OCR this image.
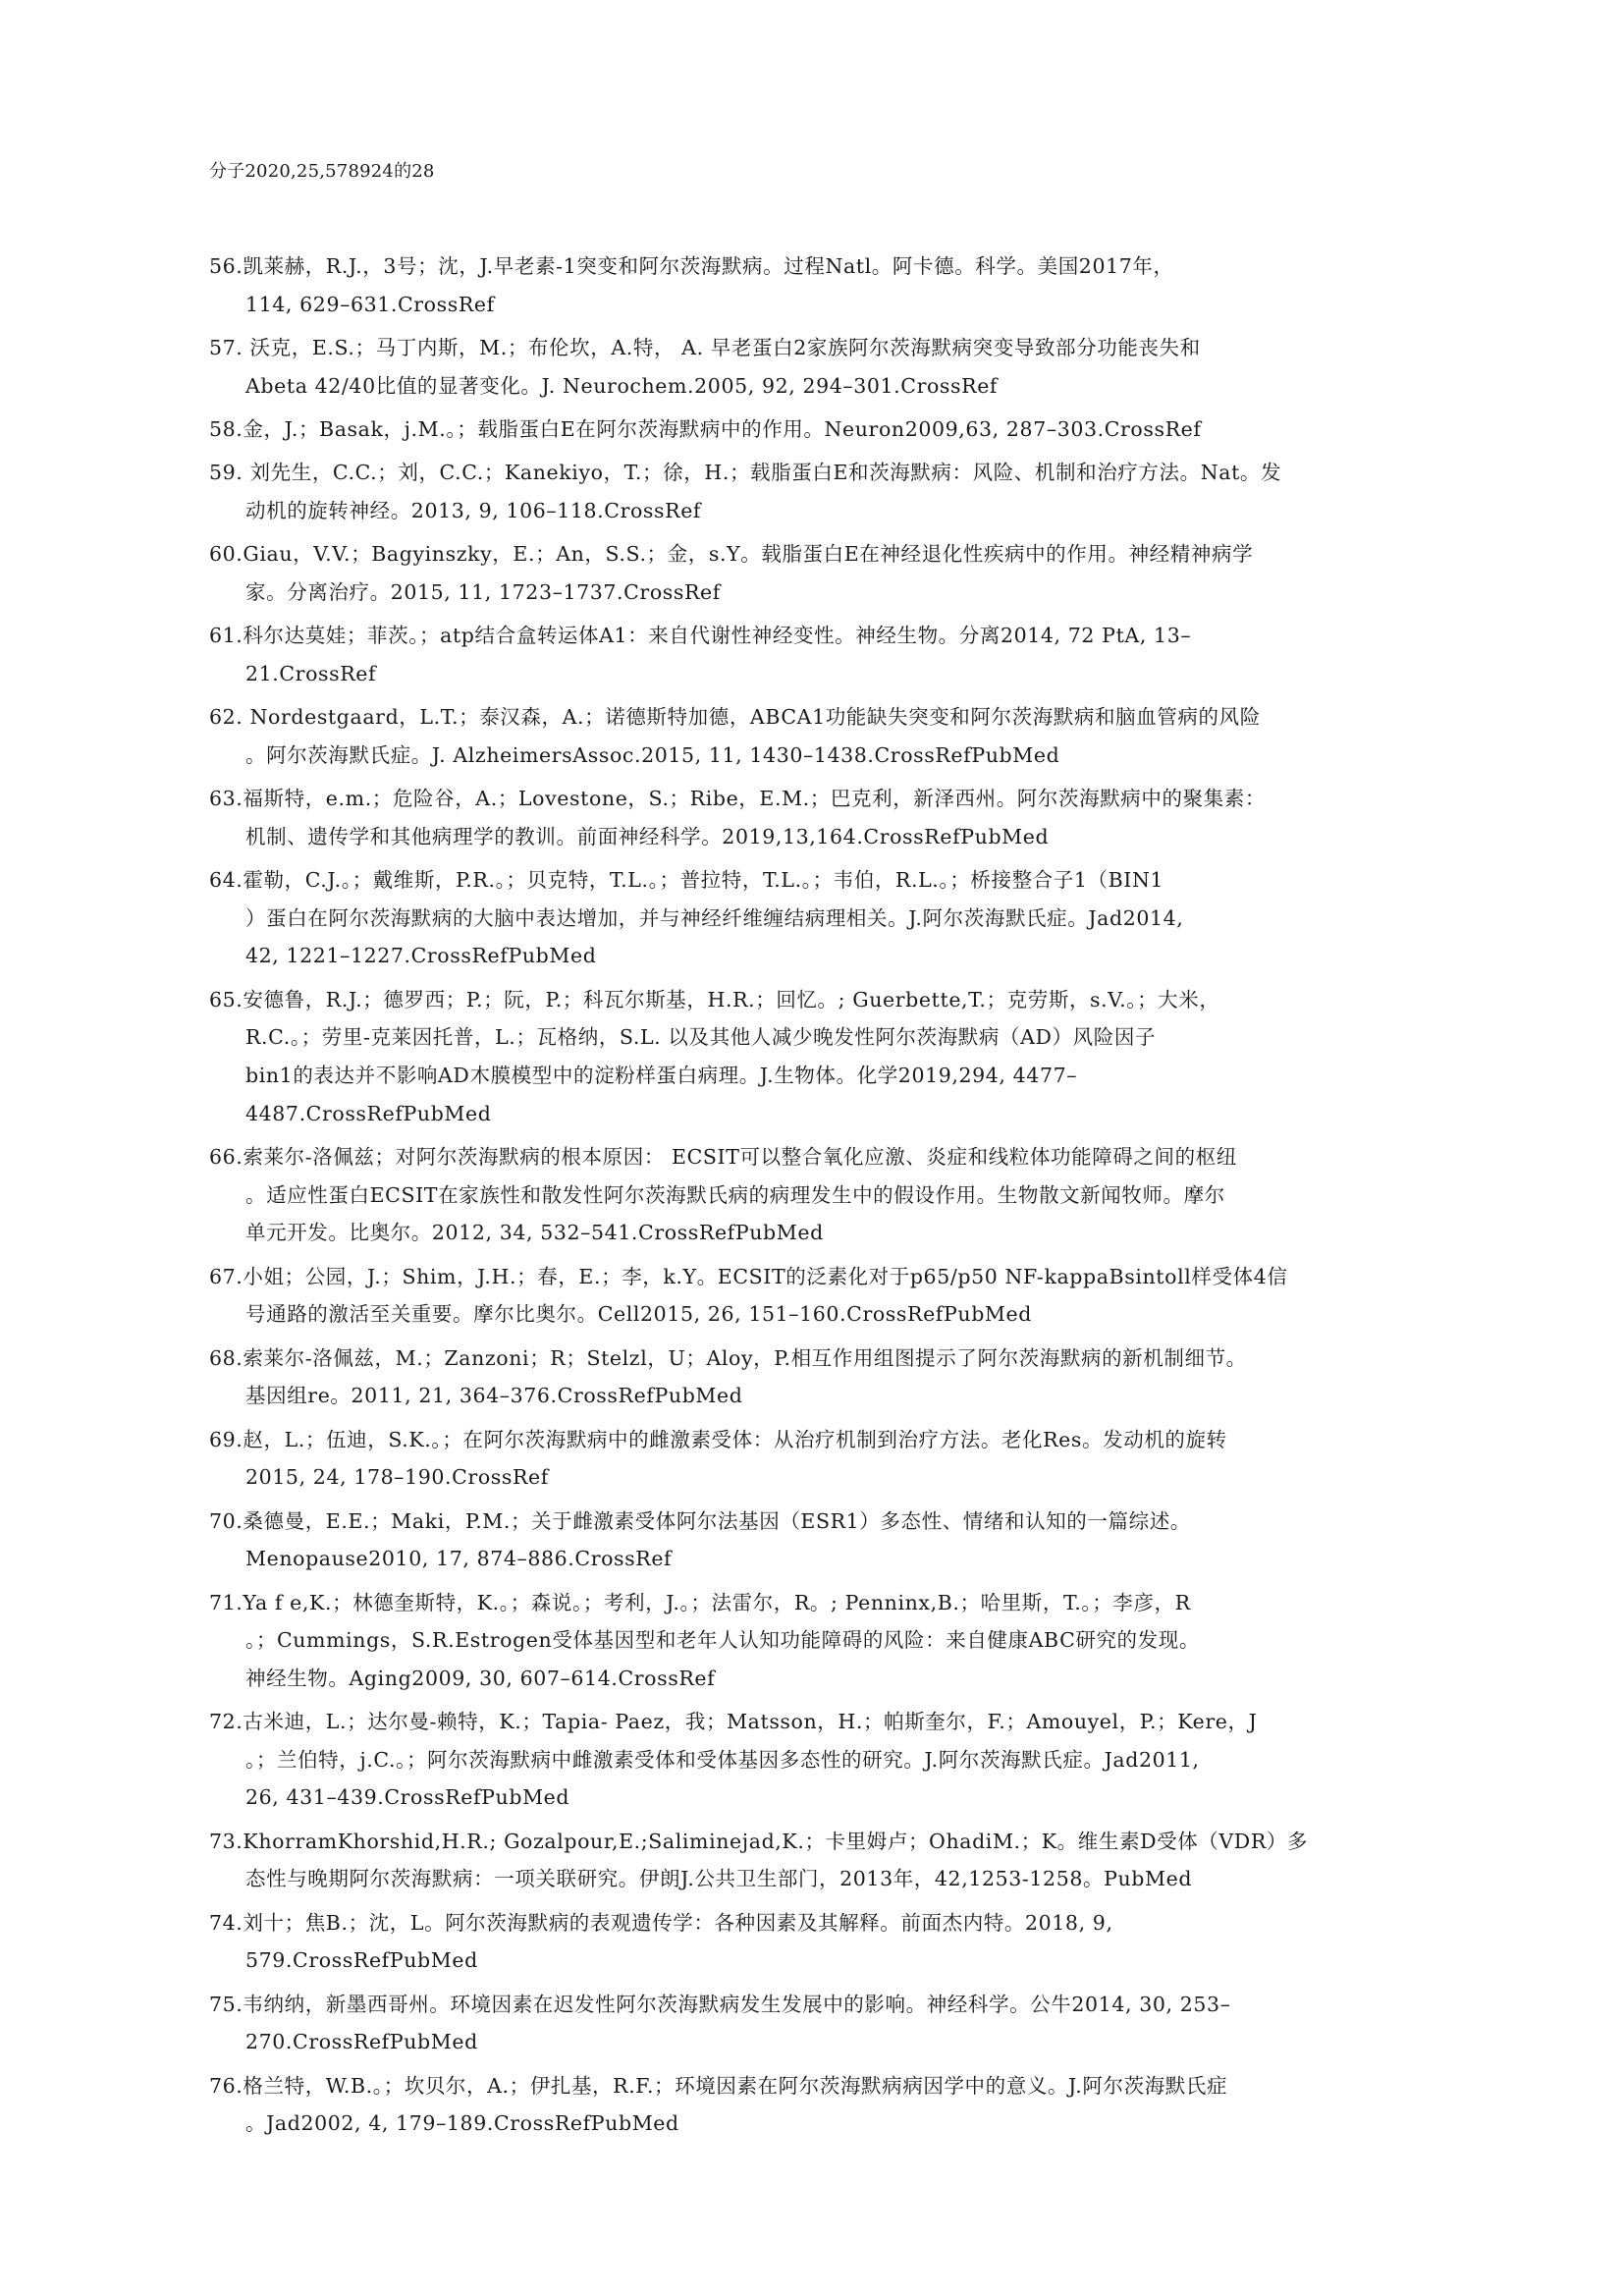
分子2020,25,578924的28
56.凯莱赫，R.J.，3号；沈，J.早老素-1突变和阿尔茨海默病。过程Natl。阿卡德。科学。美国2017年，
114, 629–631.CrossRef
57. 沃克，E.S.；马丁内斯，M.；布伦坎，A.特， A. 早老蛋白2家族阿尔茨海默病突变导致部分功能丧失和
Abeta 42/40比值的显著变化。J. Neurochem.2005, 92, 294–301.CrossRef
58.金，J.；Basak，j.M.。；载脂蛋白E在阿尔茨海默病中的作用。Neuron2009,63, 287–303.CrossRef
59. 刘先生，C.C.；刘，C.C.；Kanekiyo，T.；徐，H.；载脂蛋白E和茨海默病：风险、机制和治疗方法。Nat。发
动机的旋转神经。2013, 9, 106–118.CrossRef
60.Giau，V.V.；Bagyinszky，E.；An，S.S.；金，s.Y。载脂蛋白E在神经退化性疾病中的作用。神经精神病学
家。分离治疗。2015, 11, 1723–1737.CrossRef
61.科尔达莫娃；菲茨。；atp结合盒转运体A1：来自代谢性神经变性。神经生物。分离2014, 72 PtA, 13–
21.CrossRef
62. Nordestgaard，L.T.；泰汉森，A.；诺德斯特加德，ABCA1功能缺失突变和阿尔茨海默病和脑血管病的风险
。阿尔茨海默氏症。J. AlzheimersAssoc.2015, 11, 1430–1438.CrossRefPubMed
63.福斯特，e.m.；危险谷，A.；Lovestone，S.；Ribe，E.M.；巴克利，新泽西州。阿尔茨海默病中的聚集素：
机制、遗传学和其他病理学的教训。前面神经科学。2019,13,164.CrossRefPubMed
64.霍勒，C.J.。；戴维斯，P.R.。；贝克特，T.L.。；普拉特，T.L.。；韦伯，R.L.。；桥接整合子1（BIN1
）蛋白在阿尔茨海默病的大脑中表达增加，并与神经纤维缠结病理相关。J.阿尔茨海默氏症。Jad2014,
42, 1221–1227.CrossRefPubMed
65.安德鲁，R.J.；德罗西；P.；阮，P.；科瓦尔斯基，H.R.；回忆。; Guerbette,T.；克劳斯，s.V.。；大米，
R.C.。；劳里-克莱因托普，L.；瓦格纳，S.L. 以及其他人减少晚发性阿尔茨海默病（AD）风险因子
bin1的表达并不影响AD木膜模型中的淀粉样蛋白病理。J.生物体。化学2019,294, 4477–
4487.CrossRefPubMed
66.索莱尔-洛佩兹；对阿尔茨海默病的根本原因： ECSIT可以整合氧化应激、炎症和线粒体功能障碍之间的枢纽
。适应性蛋白ECSIT在家族性和散发性阿尔茨海默氏病的病理发生中的假设作用。生物散文新闻牧师。摩尔
单元开发。比奥尔。2012, 34, 532–541.CrossRefPubMed
67.小姐；公园，J.；Shim，J.H.；春，E.；李，k.Y。ECSIT的泛素化对于p65/p50 NF-kappaBsintoll样受体4信
号通路的激活至关重要。摩尔比奥尔。Cell2015, 26, 151–160.CrossRefPubMed
68.索莱尔-洛佩兹，M.；Zanzoni；R；Stelzl，U；Aloy，P.相互作用组图提示了阿尔茨海默病的新机制细节。
基因组re。2011, 21, 364–376.CrossRefPubMed
69.赵，L.；伍迪，S.K.。；在阿尔茨海默病中的雌激素受体：从治疗机制到治疗方法。老化Res。发动机的旋转
2015, 24, 178–190.CrossRef
70.桑德曼，E.E.；Maki，P.M.；关于雌激素受体阿尔法基因（ESR1）多态性、情绪和认知的一篇综述。
Menopause2010, 17, 874–886.CrossRef
71.Ya f e,K.；林德奎斯特，K.。；森说。；考利，J.。；法雷尔，R。; Penninx,B.；哈里斯，T.。；李彦，R
。；Cummings，S.R.Estrogen受体基因型和老年人认知功能障碍的风险：来自健康ABC研究的发现。
神经生物。Aging2009, 30, 607–614.CrossRef
72.古米迪，L.；达尔曼-赖特，K.；Tapia- Paez，我；Matsson，H.；帕斯奎尔，F.；Amouyel，P.；Kere，J
。；兰伯特，j.C.。；阿尔茨海默病中雌激素受体和受体基因多态性的研究。J.阿尔茨海默氏症。Jad2011,
26, 431–439.CrossRefPubMed
73.KhorramKhorshid,H.R.; Gozalpour,E.;Saliminejad,K.；卡里姆卢；OhadiM.；K。维生素D受体（VDR）多
态性与晚期阿尔茨海默病：一项关联研究。伊朗J.公共卫生部门，2013年，42,1253-1258。PubMed
74.刘十；焦B.；沈，L。阿尔茨海默病的表观遗传学：各种因素及其解释。前面杰内特。2018, 9,
579.CrossRefPubMed
75.韦纳纳，新墨西哥州。环境因素在迟发性阿尔茨海默病发生发展中的影响。神经科学。公牛2014, 30, 253–
270.CrossRefPubMed
76.格兰特，W.B.。；坎贝尔，A.；伊扎基，R.F.；环境因素在阿尔茨海默病病因学中的意义。J.阿尔茨海默氏症
。Jad2002, 4, 179–189.CrossRefPubMed
